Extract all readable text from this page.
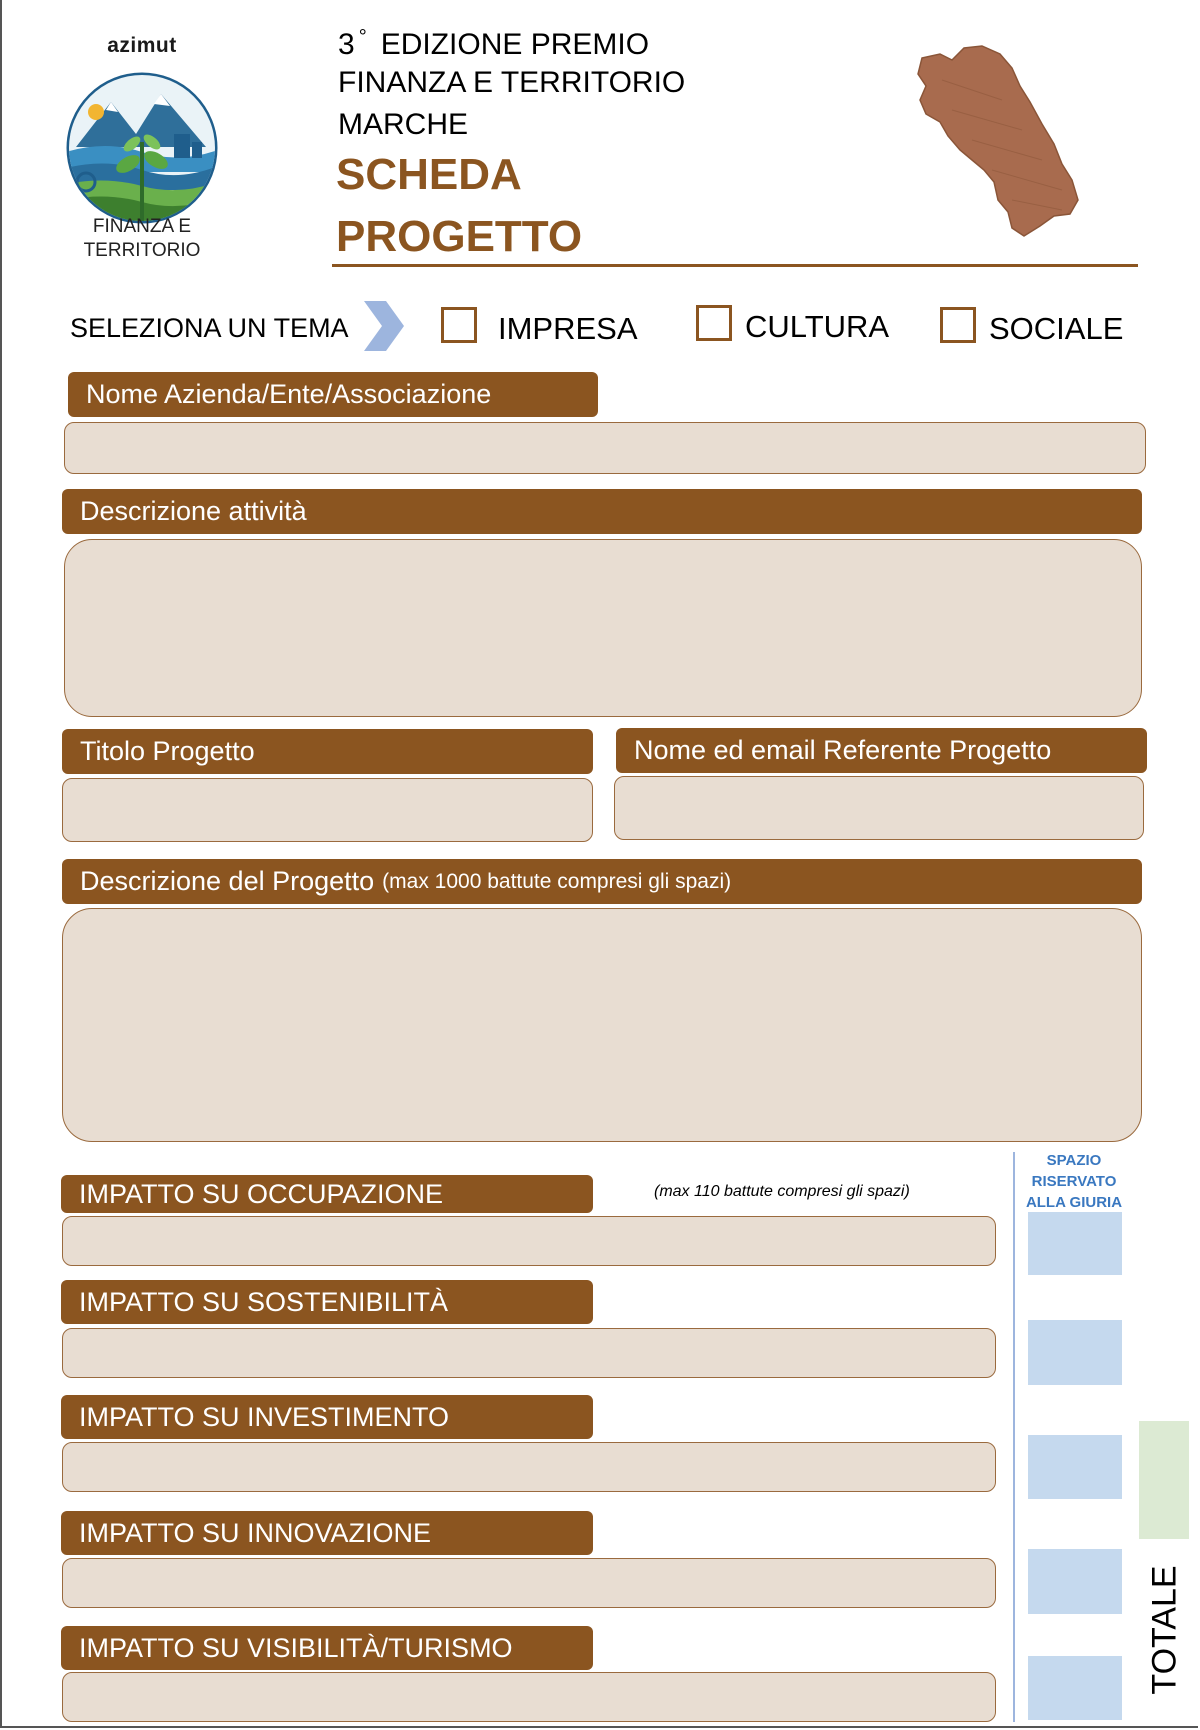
azimut
FINANZA E
TERRITORIO
3 ° EDIZIONE PREMIO
FINANZA E TERRITORIO
MARCHE
SCHEDA
PROGETTO
SELEZIONA UN TEMA	IMPRESA	CULTURA	SOCIALE
Nome Azienda/Ente/Associazione
Descrizione attività
Titolo Progetto	Nome ed email Referente Progetto
Descrizione del Progetto (max 1000 battute compresi gli spazi)
(max 110 battute compresi gli spazi)
IMPATTO SU OCCUPAZIONE
IMPATTO SU SOSTENIBILITÀ
IMPATTO SU INVESTIMENTO
IMPATTO SU INNOVAZIONE
IMPATTO SU VISIBILITÀ/TURISMO
SPAZIO
RISERVATO
ALLA GIURIA
TOTALE
